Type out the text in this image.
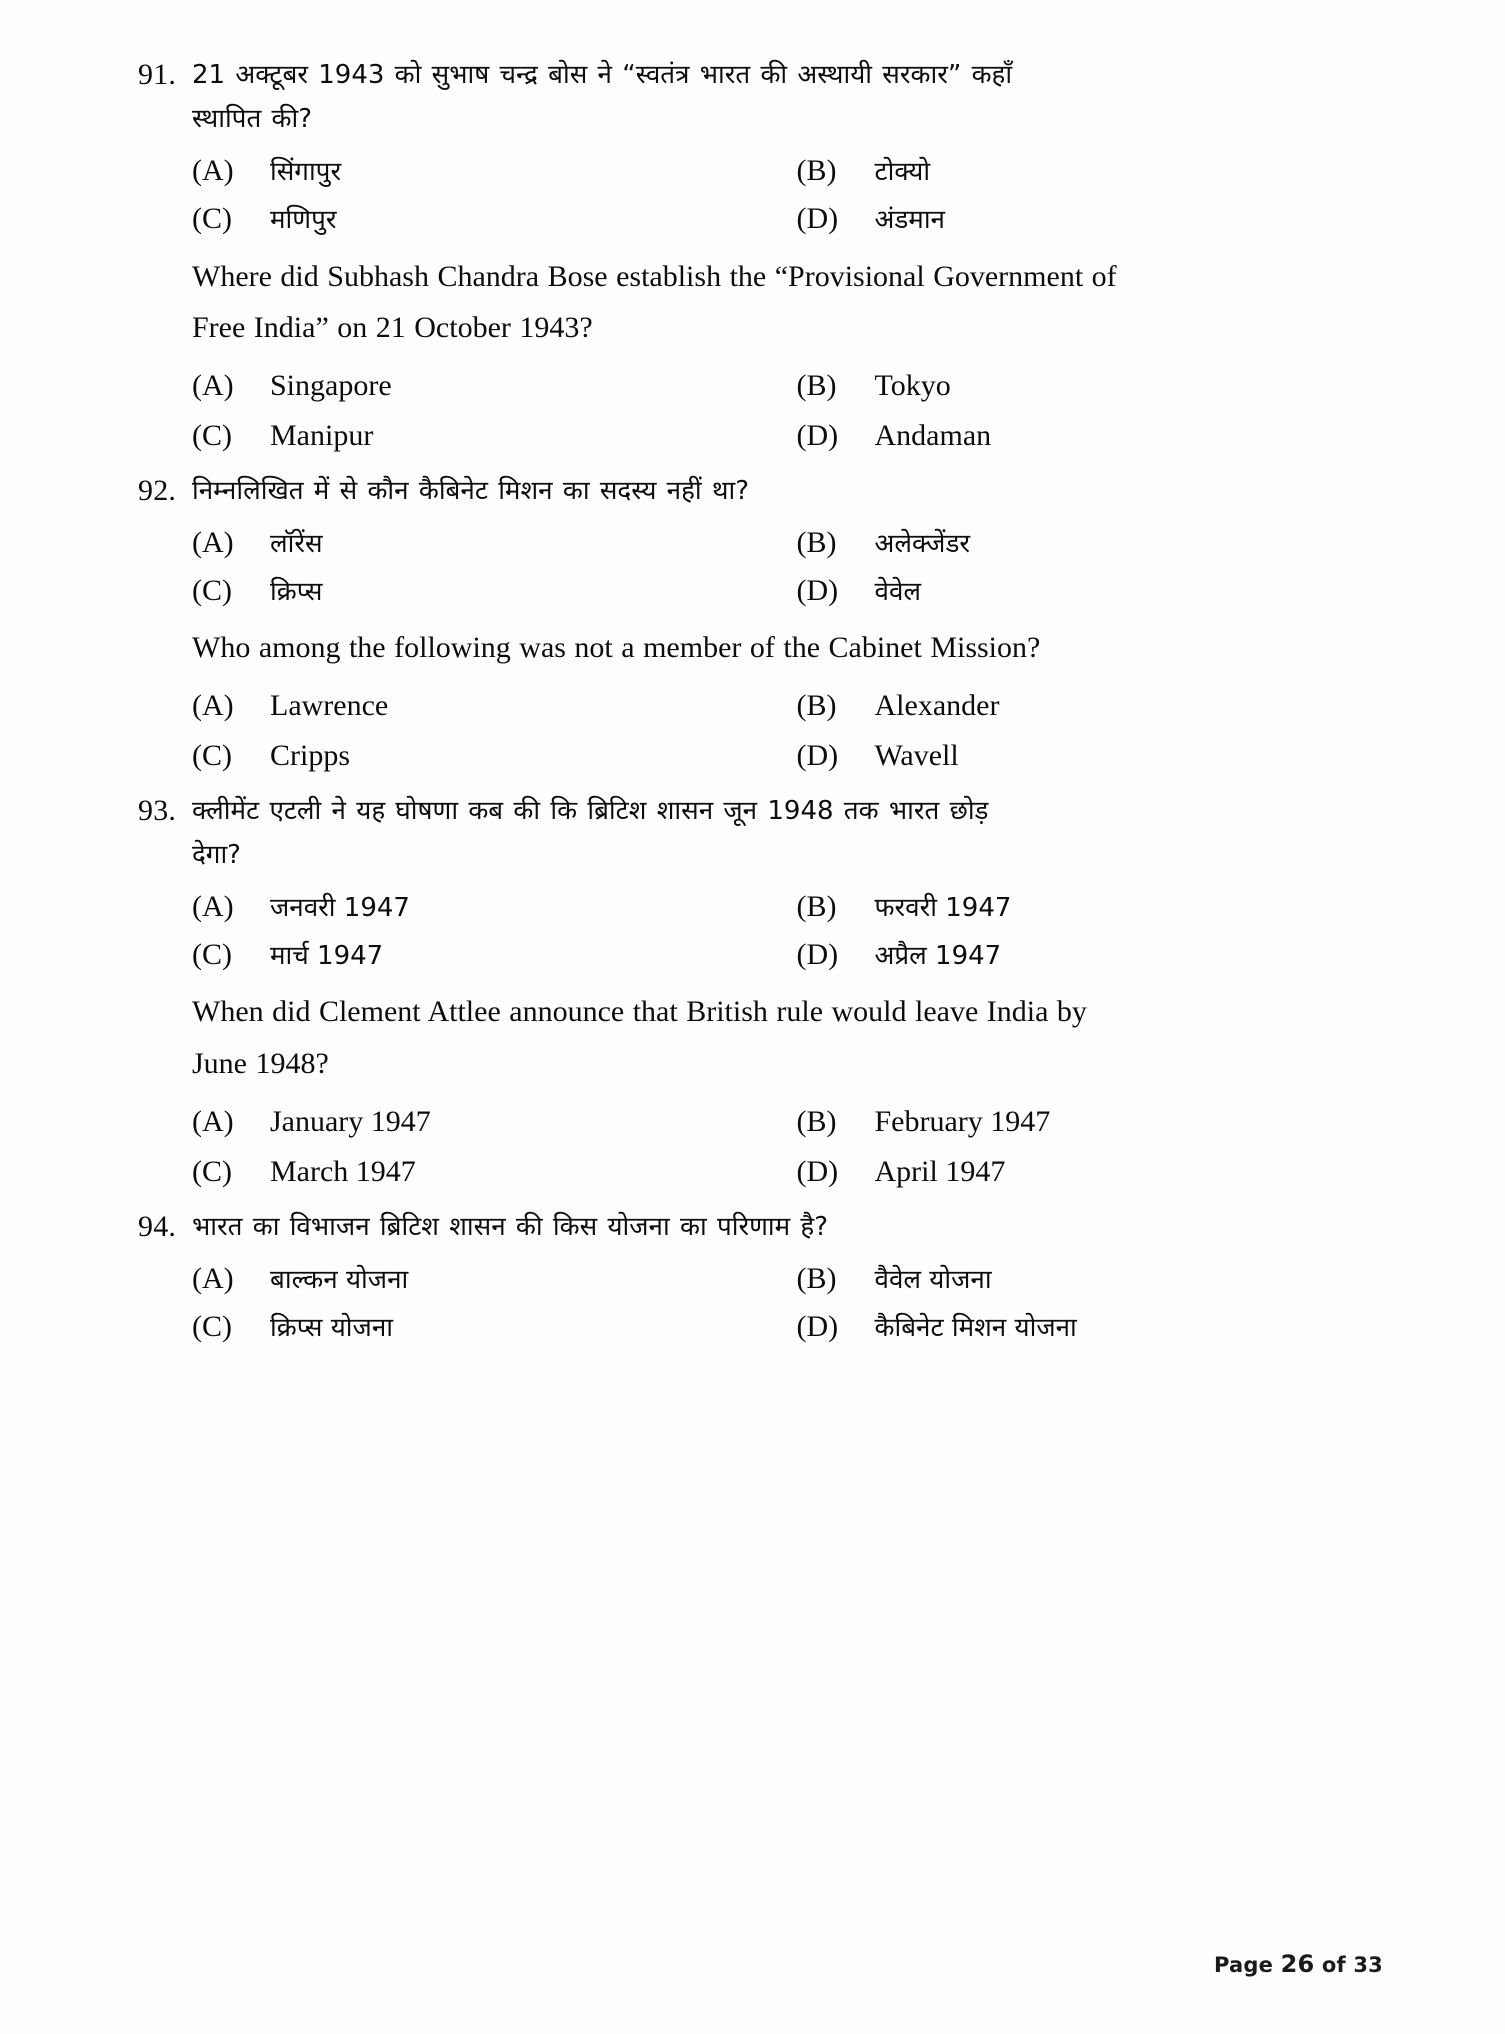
91. 21 अक्टूबर 1943 को सुभाष चन्द्र बोस ने “स्वतंत्र भारत की अस्थायी सरकार” कहाँ
स्थापित की?
(A)	सिंगापुर	(B)	टोक्यो
(C)	मणिपुर	(D)	अंडमान
Where did Subhash Chandra Bose establish the “Provisional Government of
Free India” on 21 October 1943?
(A)	Singapore	(B)	Tokyo
(C)	Manipur	(D)	Andaman
92. निम्नलिखित में से कौन कैबिनेट मिशन का सदस्य नहीं था?
(A)	लॉरेंस	(B)	अलेक्जेंडर
(C)	क्रिप्स	(D)	वेवेल
Who among the following was not a member of the Cabinet Mission?
(A)	Lawrence	(B)	Alexander
(C)	Cripps	(D)	Wavell
93. क्लीमेंट एटली ने यह घोषणा कब की कि ब्रिटिश शासन जून 1948 तक भारत छोड़
देगा?
(A)	जनवरी 1947	(B)	फरवरी 1947
(C)	मार्च 1947	(D)	अप्रैल 1947
When did Clement Attlee announce that British rule would leave India by
June 1948?
(A)	January 1947	(B)	February 1947
(C)	March 1947	(D)	April 1947
94. भारत का विभाजन ब्रिटिश शासन की किस योजना का परिणाम है?
(A)	बाल्कन योजना	(B)	वैवेल योजना
(C)	क्रिप्स योजना	(D)	कैबिनेट मिशन योजना
Page 26 of 33
